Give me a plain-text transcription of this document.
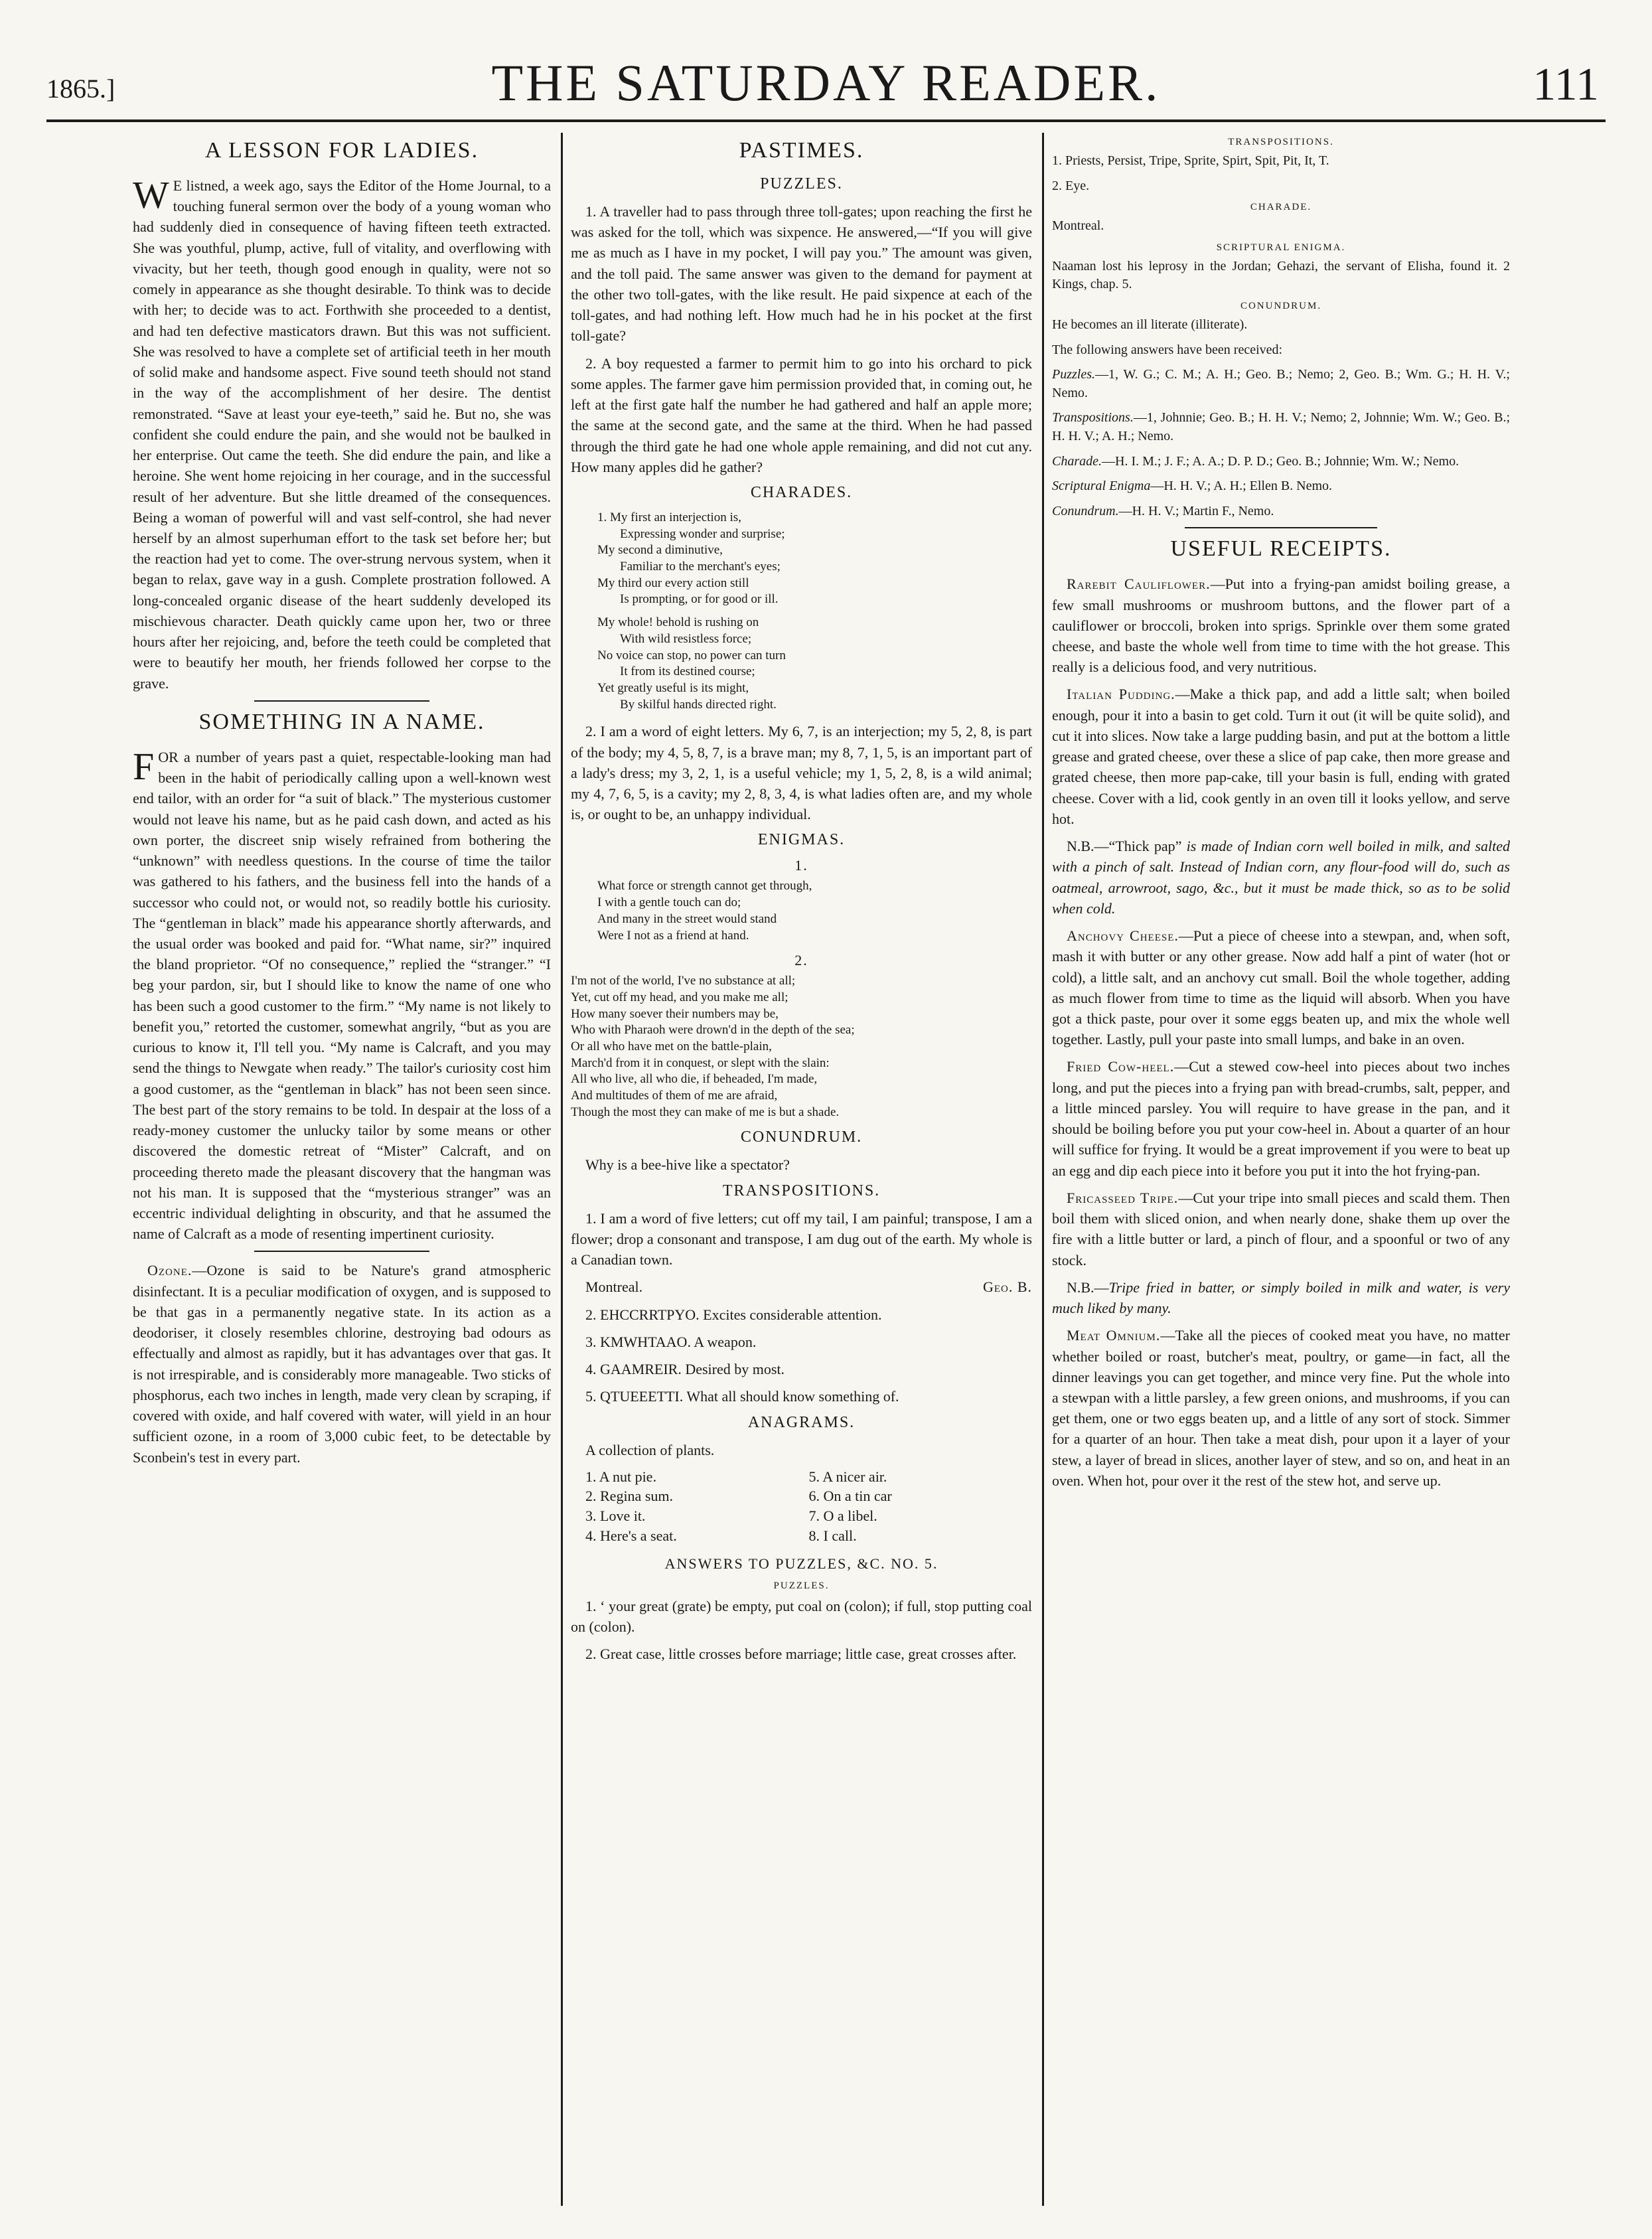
1865.]	THE SATURDAY READER.	111
A LESSON FOR LADIES.

W E listned, a week ago, says the Editor of the Home Journal, to a touching funeral sermon over the body of a young woman who had suddenly died in consequence of having fifteen teeth extracted. She was youthful, plump, active, full of vitality, and overflowing with vivacity, but her teeth, though good enough in quality, were not so comely in appearance as she thought desirable. To think was to decide with her; to decide was to act. Forthwith she proceeded to a dentist, and had ten defective masticators drawn. But this was not sufficient. She was resolved to have a complete set of artificial teeth in her mouth of solid make and handsome aspect. Five sound teeth should not stand in the way of the accomplishment of her desire. The dentist remonstrated. “Save at least your eye-teeth,” said he. But no, she was confident she could endure the pain, and she would not be baulked in her enterprise. Out came the teeth. She did endure the pain, and like a heroine. She went home rejoicing in her courage, and in the successful result of her adventure. But she little dreamed of the consequences. Being a woman of powerful will and vast self-control, she had never herself by an almost superhuman effort to the task set before her; but the reaction had yet to come. The over-strung nervous system, when it began to relax, gave way in a gush. Complete prostration followed. A long-concealed organic disease of the heart suddenly developed its mischievous character. Death quickly came upon her, two or three hours after her rejoicing, and, before the teeth could be completed that were to beautify her mouth, her friends followed her corpse to the grave.

SOMETHING IN A NAME.

FOR a number of years past a quiet, respectable-looking man had been in the habit of periodically calling upon a well-known west end tailor, with an order for “a suit of black.” The mysterious customer would not leave his name, but as he paid cash down, and acted as his own porter, the discreet snip wisely refrained from bothering the “unknown” with needless questions. In the course of time the tailor was gathered to his fathers, and the business fell into the hands of a successor who could not, or would not, so readily bottle his curiosity. The “gentleman in black” made his appearance shortly afterwards, and the usual order was booked and paid for. “What name, sir?” inquired the bland proprietor. “Of no consequence,” replied the “stranger.” “I beg your pardon, sir, but I should like to know the name of one who has been such a good customer to the firm.” “My name is not likely to benefit you,” retorted the customer, somewhat angrily, “but as you are curious to know it, I'll tell you. “My name is Calcraft, and you may send the things to Newgate when ready.” The tailor's curiosity cost him a good customer, as the “gentleman in black” has not been seen since. The best part of the story remains to be told. In despair at the loss of a ready-money customer the unlucky tailor by some means or other discovered the domestic retreat of “Mister” Calcraft, and on proceeding thereto made the pleasant discovery that the hangman was not his man. It is supposed that the “mysterious stranger” was an eccentric individual delighting in obscurity, and that he assumed the name of Calcraft as a mode of resenting impertinent curiosity.

Ozone.—Ozone is said to be Nature's grand atmospheric disinfectant. It is a peculiar modification of oxygen, and is supposed to be that gas in a permanently negative state. In its action as a deodoriser, it closely resembles chlorine, destroying bad odours as effectually and almost as rapidly, but it has advantages over that gas. It is not irrespirable, and is considerably more manageable. Two sticks of phosphorus, each two inches in length, made very clean by scraping, if covered with oxide, and half covered with water, will yield in an hour sufficient ozone, in a room of 3,000 cubic feet, to be detectable by Sconbein's test in every part.

PASTIMES.
PUZZLES.

1. A traveller had to pass through three toll-gates; upon reaching the first he was asked for the toll, which was sixpence. He answered,—“If you will give me as much as I have in my pocket, I will pay you.” The amount was given, and the toll paid. The same answer was given to the demand for payment at the other two toll-gates, with the like result. He paid sixpence at each of the toll-gates, and had nothing left. How much had he in his pocket at the first toll-gate?

2. A boy requested a farmer to permit him to go into his orchard to pick some apples. The farmer gave him permission provided that, in coming out, he left at the first gate half the number he had gathered and half an apple more; the same at the second gate, and the same at the third. When he had passed through the third gate he had one whole apple remaining, and did not cut any. How many apples did he gather?

CHARADES.
1. My first an interjection is,
Expressing wonder and surprise;
My second a diminutive,
Familiar to the merchant's eyes;
My third our every action still
Is prompting, or for good or ill.
My whole! behold is rushing on
With wild resistless force;
No voice can stop, no power can turn
It from its destined course;
Yet greatly useful is its might,
By skilful hands directed right.

2. I am a word of eight letters. My 6, 7, is an interjection; my 5, 2, 8, is part of the body; my 4, 5, 8, 7, is a brave man; my 8, 7, 1, 5, is an important part of a lady's dress; my 3, 2, 1, is a useful vehicle; my 1, 5, 2, 8, is a wild animal; my 4, 7, 6, 5, is a cavity; my 2, 8, 3, 4, is what ladies often are, and my whole is, or ought to be, an unhappy individual.

ENIGMAS.
1.
What force or strength cannot get through,
I with a gentle touch can do;
And many in the street would stand
Were I not as a friend at hand.
2.
I'm not of the world, I've no substance at all;
Yet, cut off my head, and you make me all;
How many soever their numbers may be,
Who with Pharaoh were drown'd in the depth of the sea;
Or all who have met on the battle-plain,
March'd from it in conquest, or slept with the slain:
All who live, all who die, if beheaded, I'm made,
And multitudes of them of me are afraid,
Though the most they can make of me is but a shade.
CONUNDRUM.

Why is a bee-hive like a spectator?

TRANSPOSITIONS.

1. I am a word of five letters; cut off my tail, I am painful; transpose, I am a flower; drop a consonant and transpose, I am dug out of the earth. My whole is a Canadian town.

Montreal.	Geo. B.

2. EHCCRRTPYO. Excites considerable attention.

3. KMWHTAAO. A weapon.

4. GAAMREIR. Desired by most.

5. QTUEEETTI. What all should know something of.

ANAGRAMS.

A collection of plants.

1. A nut pie.	5. A nicer air.
2. Regina sum.	6. On a tin car
3. Love it.	7. O a libel.
4. Here's a seat.	8. I call.
ANSWERS TO PUZZLES, &C. NO. 5.
PUZZLES.

1. ‘ your great (grate) be empty, put coal on (colon); if full, stop putting coal on (colon).

2. Great case, little crosses before marriage; little case, great crosses after.

TRANSPOSITIONS.

1. Priests, Persist, Tripe, Sprite, Spirt, Spit, Pit, It, T.

2. Eye.

CHARADE.

Montreal.

SCRIPTURAL ENIGMA.

Naaman lost his leprosy in the Jordan; Gehazi, the servant of Elisha, found it. 2 Kings, chap. 5.

CONUNDRUM.

He becomes an ill literate (illiterate).

The following answers have been received:

Puzzles.—1, W. G.; C. M.; A. H.; Geo. B.; Nemo; 2, Geo. B.; Wm. G.; H. H. V.; Nemo.

Transpositions.—1, Johnnie; Geo. B.; H. H. V.; Nemo; 2, Johnnie; Wm. W.; Geo. B.; H. H. V.; A. H.; Nemo.

Charade.—H. I. M.; J. F.; A. A.; D. P. D.; Geo. B.; Johnnie; Wm. W.; Nemo.

Scriptural Enigma—H. H. V.; A. H.; Ellen B. Nemo.

Conundrum.—H. H. V.; Martin F., Nemo.

USEFUL RECEIPTS.

Rarebit Cauliflower.—Put into a frying-pan amidst boiling grease, a few small mushrooms or mushroom buttons, and the flower part of a cauliflower or broccoli, broken into sprigs. Sprinkle over them some grated cheese, and baste the whole well from time to time with the hot grease. This really is a delicious food, and very nutritious.

Italian Pudding.—Make a thick pap, and add a little salt; when boiled enough, pour it into a basin to get cold. Turn it out (it will be quite solid), and cut it into slices. Now take a large pudding basin, and put at the bottom a little grease and grated cheese, over these a slice of pap cake, then more grease and grated cheese, then more pap-cake, till your basin is full, ending with grated cheese. Cover with a lid, cook gently in an oven till it looks yellow, and serve hot.

N.B.—“Thick pap” is made of Indian corn well boiled in milk, and salted with a pinch of salt. Instead of Indian corn, any flour-food will do, such as oatmeal, arrowroot, sago, &c., but it must be made thick, so as to be solid when cold.

Anchovy Cheese.—Put a piece of cheese into a stewpan, and, when soft, mash it with butter or any other grease. Now add half a pint of water (hot or cold), a little salt, and an anchovy cut small. Boil the whole together, adding as much flower from time to time as the liquid will absorb. When you have got a thick paste, pour over it some eggs beaten up, and mix the whole well together. Lastly, pull your paste into small lumps, and bake in an oven.

Fried Cow-heel.—Cut a stewed cow-heel into pieces about two inches long, and put the pieces into a frying pan with bread-crumbs, salt, pepper, and a little minced parsley. You will require to have grease in the pan, and it should be boiling before you put your cow-heel in. About a quarter of an hour will suffice for frying. It would be a great improvement if you were to beat up an egg and dip each piece into it before you put it into the hot frying-pan.

Fricasseed Tripe.—Cut your tripe into small pieces and scald them. Then boil them with sliced onion, and when nearly done, shake them up over the fire with a little butter or lard, a pinch of flour, and a spoonful or two of any stock.

N.B.—Tripe fried in batter, or simply boiled in milk and water, is very much liked by many.

Meat Omnium.—Take all the pieces of cooked meat you have, no matter whether boiled or roast, butcher's meat, poultry, or game—in fact, all the dinner leavings you can get together, and mince very fine. Put the whole into a stewpan with a little parsley, a few green onions, and mushrooms, if you can get them, one or two eggs beaten up, and a little of any sort of stock. Simmer for a quarter of an hour. Then take a meat dish, pour upon it a layer of your stew, a layer of bread in slices, another layer of stew, and so on, and heat in an oven. When hot, pour over it the rest of the stew hot, and serve up.
